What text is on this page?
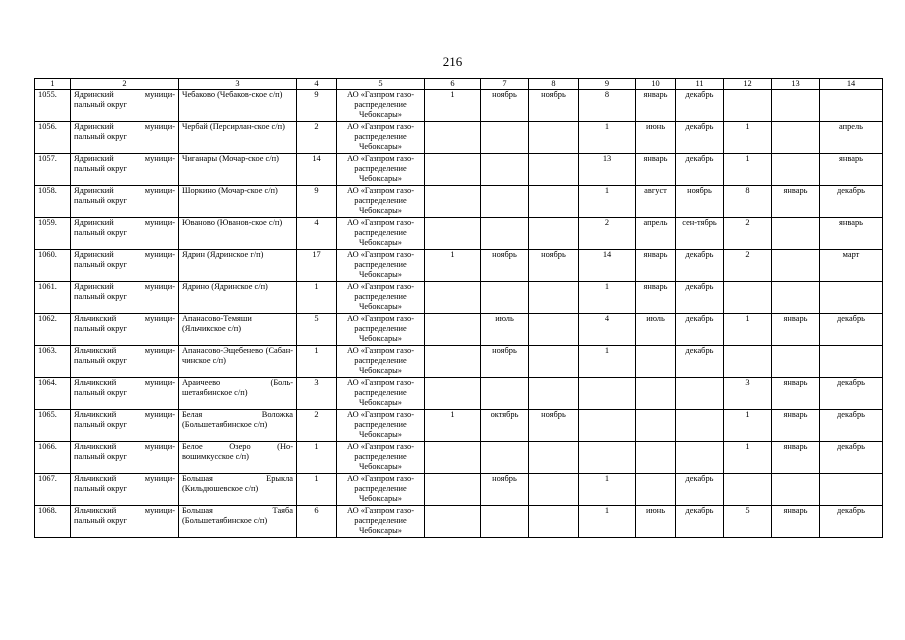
216
1	2	3	4	5	6	7	8	9	10	11	12	13	14
1055.	Ядринский муници-пальный округ	Чебаково (Чебаков-ское с/п)	9	АО «Газпром газо-распределение Чебоксары»	1	ноябрь	ноябрь	8	январь	декабрь			
1056.	Ядринский муници-пальный округ	Чербай (Персирлан-ское с/п)	2	АО «Газпром газо-распределение Чебоксары»				1	июнь	декабрь	1		апрель
1057.	Ядринский муници-пальный округ	Чиганары (Мочар-ское с/п)	14	АО «Газпром газо-распределение Чебоксары»				13	январь	декабрь	1		январь
1058.	Ядринский муници-пальный округ	Шоркино (Мочар-ское с/п)	9	АО «Газпром газо-распределение Чебоксары»				1	август	ноябрь	8	январь	декабрь
1059.	Ядринский муници-пальный округ	Юваново (Юванов-ское с/п)	4	АО «Газпром газо-распределение Чебоксары»				2	апрель	сен-тябрь	2		январь
1060.	Ядринский муници-пальный округ	Ядрин (Ядринское г/п)	17	АО «Газпром газо-распределение Чебоксары»	1	ноябрь	ноябрь	14	январь	декабрь	2		март
1061.	Ядринский муници-пальный округ	Ядрино (Ядринское с/п)	1	АО «Газпром газо-распределение Чебоксары»				1	январь	декабрь			
1062.	Яльчикский муници-пальный округ	Апанасово-Темяши (Яльчикское с/п)	5	АО «Газпром газо-распределение Чебоксары»		июль		4	июль	декабрь	1	январь	декабрь
1063.	Яльчикский муници-пальный округ	Апанасово-Эщебенево (Сабан-чинское с/п)	1	АО «Газпром газо-распределение Чебоксары»		ноябрь		1		декабрь			
1064.	Яльчикский муници-пальный округ	Араичеево (Боль-шетаябинское с/п)	3	АО «Газпром газо-распределение Чебоксары»							3	январь	декабрь
1065.	Яльчикский муници-пальный округ	Белая Воложка (Большетаябинское с/п)	2	АО «Газпром газо-распределение Чебоксары»	1	октябрь	ноябрь				1	январь	декабрь
1066.	Яльчикский муници-пальный округ	Белое Озеро (Но-вошимкусское с/п)	1	АО «Газпром газо-распределение Чебоксары»							1	январь	декабрь
1067.	Яльчикский муници-пальный округ	Большая Ерыкла (Кильдюшевское с/п)	1	АО «Газпром газо-распределение Чебоксары»		ноябрь		1		декабрь			
1068.	Яльчикский муници-пальный округ	Большая Таяба (Большетаябинское с/п)	6	АО «Газпром газо-распределение Чебоксары»				1	июнь	декабрь	5	январь	декабрь
